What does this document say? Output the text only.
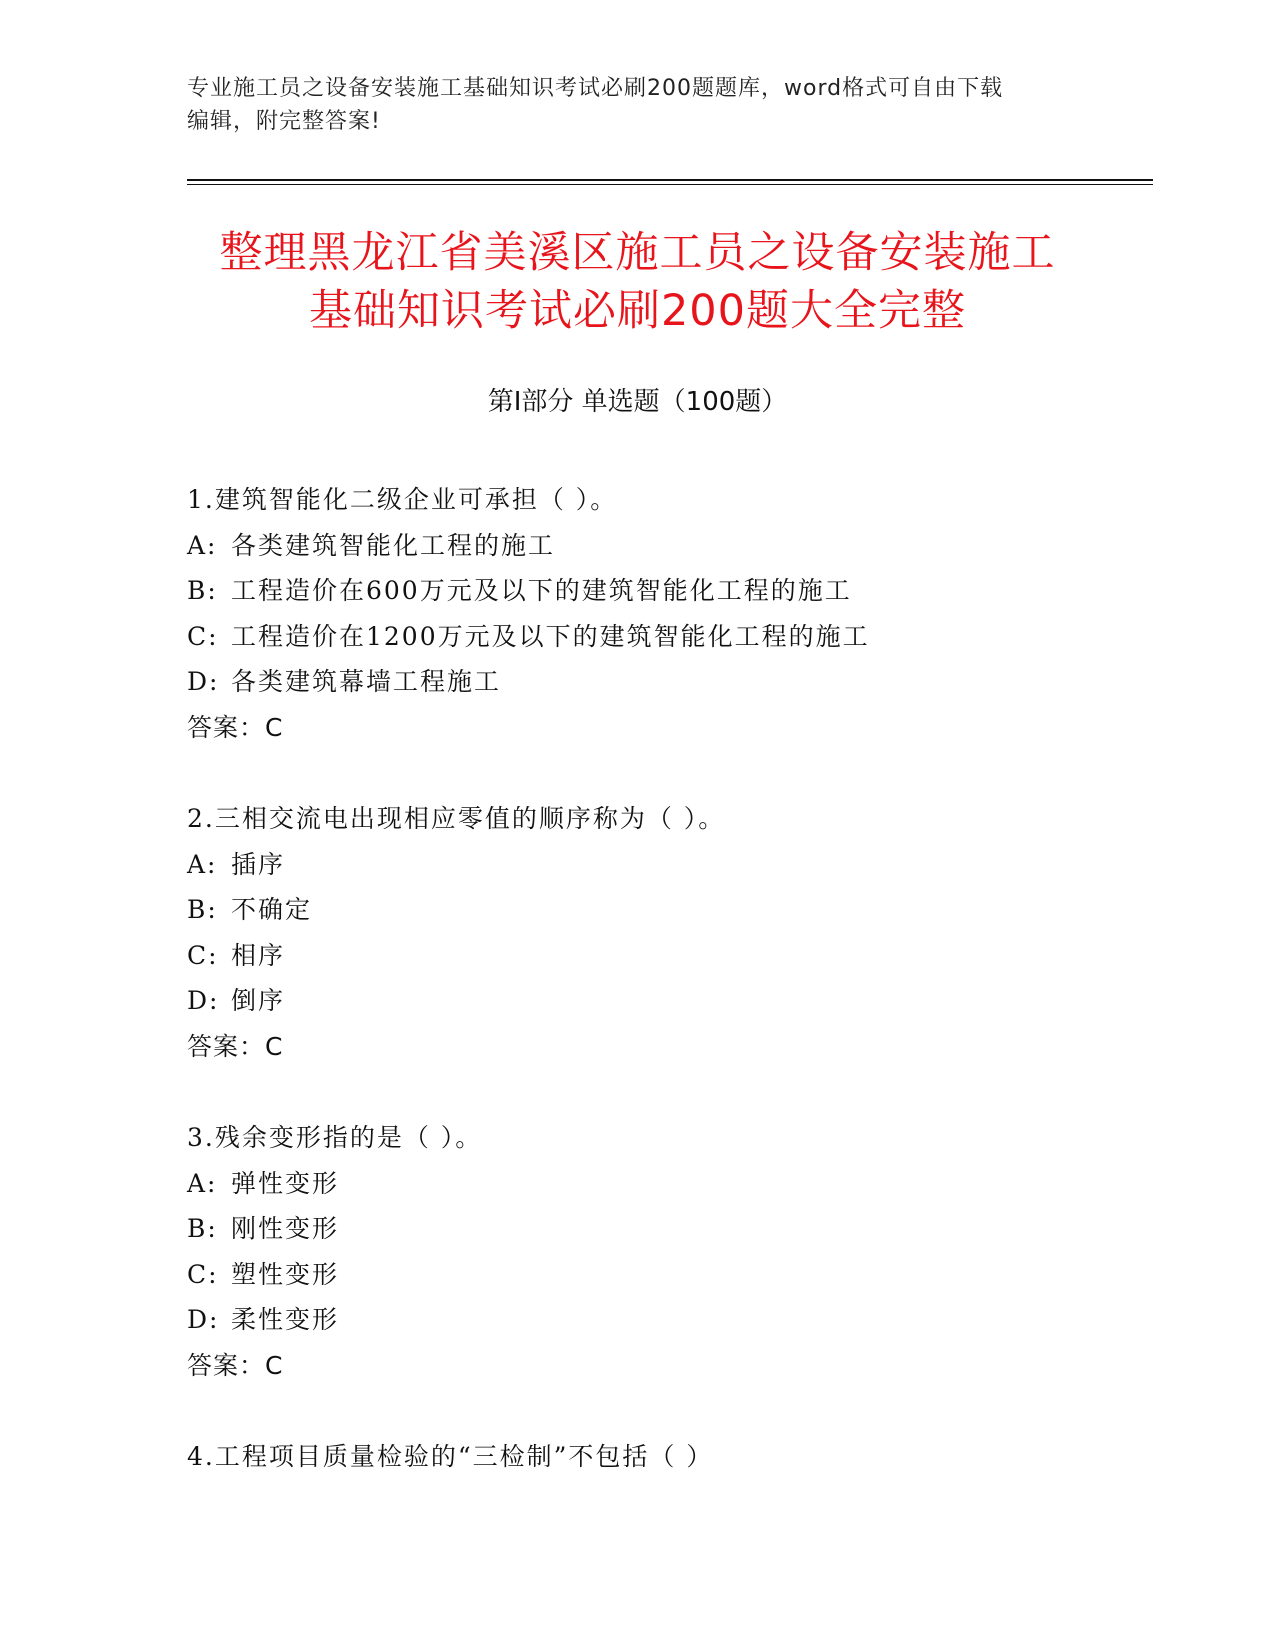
专业施工员之设备安装施工基础知识考试必刷200题题库，word格式可自由下载
编辑，附完整答案!
整理黑龙江省美溪区施工员之设备安装施工
基础知识考试必刷200题大全完整
第Ⅰ部分 单选题（100题）
1.建筑智能化二级企业可承担（ ）。
A: 各类建筑智能化工程的施工
B: 工程造价在600万元及以下的建筑智能化工程的施工
C: 工程造价在1200万元及以下的建筑智能化工程的施工
D: 各类建筑幕墙工程施工
答案：C
2.三相交流电出现相应零值的顺序称为（ ）。
A: 插序
B: 不确定
C: 相序
D: 倒序
答案：C
3.残余变形指的是（ ）。
A: 弹性变形
B: 刚性变形
C: 塑性变形
D: 柔性变形
答案：C
4.工程项目质量检验的“三检制”不包括（ ）
